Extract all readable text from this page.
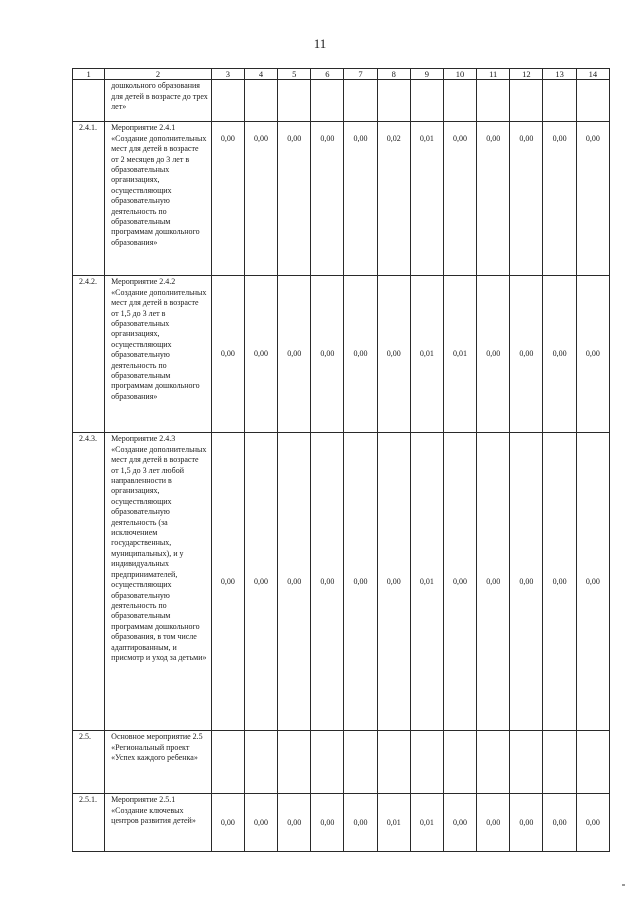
11
1	2	3	4	5	6	7	8	9	10	11	12	13	14
	дошкольного образования для детей в возрасте до трех лет»												
2.4.1.	Мероприятие 2.4.1 «Создание дополнительных мест для детей в возрасте от 2 месяцев до 3 лет в образовательных организациях, осуществляющих образовательную деятельность по образовательным программам дошкольного образования»	0,00	0,00	0,00	0,00	0,00	0,02	0,01	0,00	0,00	0,00	0,00	0,00
2.4.2.	Мероприятие 2.4.2 «Создание дополнительных мест для детей в возрасте от 1,5 до 3 лет в образовательных организациях, осуществляющих образовательную деятельность по образовательным программам дошкольного образования»	0,00	0,00	0,00	0,00	0,00	0,00	0,01	0,01	0,00	0,00	0,00	0,00
2.4.3.	Мероприятие 2.4.3 «Создание дополнительных мест для детей в возрасте от 1,5 до 3 лет любой направленности в организациях, осуществляющих образовательную деятельность (за исключением государственных, муниципальных), и у индивидуальных предпринимателей, осуществляющих образовательную деятельность по образовательным программам дошкольного образования, в том числе адаптированным, и присмотр и уход за детьми»	0,00	0,00	0,00	0,00	0,00	0,00	0,01	0,00	0,00	0,00	0,00	0,00
2.5.	Основное мероприятие 2.5 «Региональный проект «Успех каждого ребенка»												
2.5.1.	Мероприятие 2.5.1 «Создание ключевых центров развития детей»	0,00	0,00	0,00	0,00	0,00	0,01	0,01	0,00	0,00	0,00	0,00	0,00
